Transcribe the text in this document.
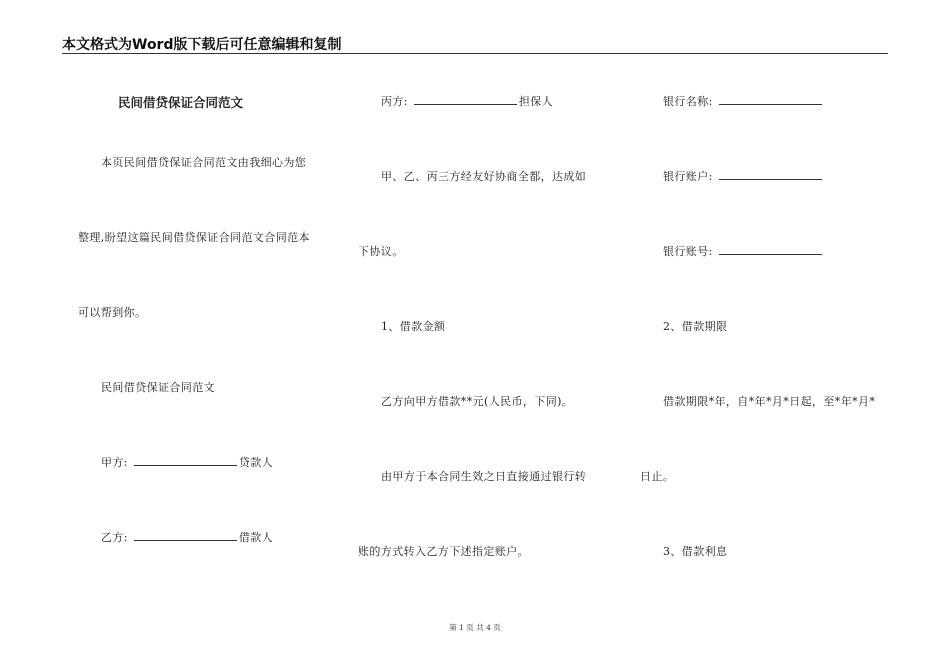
本文格式为Word版下载后可任意编辑和复制
民间借贷保证合同范文
本页民间借贷保证合同范文由我细心为您
整理,盼望这篇民间借贷保证合同范文合同范本
可以帮到你。
民间借贷保证合同范文
甲方:	贷款人
乙方:	借款人
丙方:	担保人
甲、乙、丙三方经友好协商全都，达成如
下协议。
1、借款金额
乙方向甲方借款**元(人民币，下同)。
由甲方于本合同生效之日直接通过银行转
账的方式转入乙方下述指定账户。
银行名称:
银行账户:
银行账号:
2、借款期限
借款期限*年，自*年*月*日起，至*年*月*
日止。
3、借款利息
第 1 页 共 4 页
